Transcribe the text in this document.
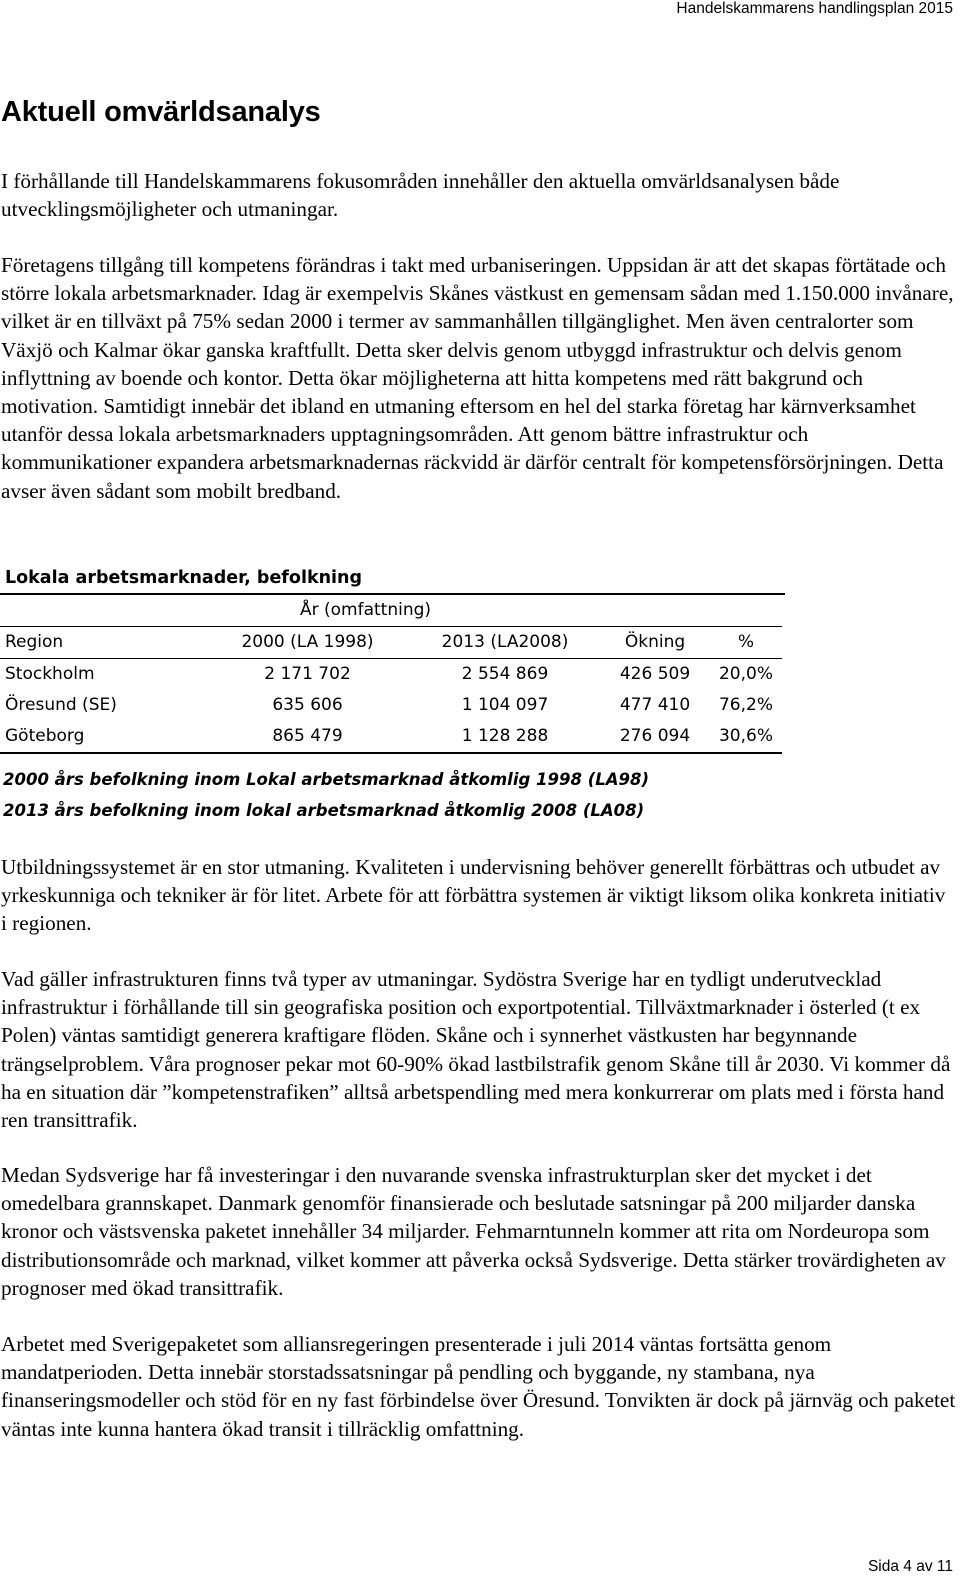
Handelskammarens handlingsplan 2015
Aktuell omvärldsanalys

I förhållande till Handelskammarens fokusområden innehåller den aktuella omvärldsanalysen både utvecklingsmöjligheter och utmaningar.

Företagens tillgång till kompetens förändras i takt med urbaniseringen. Uppsidan är att det skapas förtätade och större lokala arbetsmarknader. Idag är exempelvis Skånes västkust en gemensam sådan med 1.150.000 invånare, vilket är en tillväxt på 75% sedan 2000 i termer av sammanhållen tillgänglighet. Men även centralorter som Växjö och Kalmar ökar ganska kraftfullt. Detta sker delvis genom utbyggd infrastruktur och delvis genom inflyttning av boende och kontor. Detta ökar möjligheterna att hitta kompetens med rätt bakgrund och motivation. Samtidigt innebär det ibland en utmaning eftersom en hel del starka företag har kärnverksamhet utanför dessa lokala arbetsmarknaders upptagningsområden. Att genom bättre infrastruktur och kommunikationer expandera arbetsmarknadernas räckvidd är därför centralt för kompetensförsörjningen. Detta avser även sådant som mobilt bredband.

Lokala arbetsmarknader, befolkning
År (omfattning)
Region	2000 (LA 1998)	2013 (LA2008)	Ökning	%
Stockholm	2 171 702	2 554 869	426 509	20,0%
Öresund (SE)	635 606	1 104 097	477 410	76,2%
Göteborg	865 479	1 128 288	276 094	30,6%
2000 års befolkning inom Lokal arbetsmarknad åtkomlig 1998 (LA98)
2013 års befolkning inom lokal arbetsmarknad åtkomlig 2008 (LA08)

Utbildningssystemet är en stor utmaning. Kvaliteten i undervisning behöver generellt förbättras och utbudet av yrkeskunniga och tekniker är för litet. Arbete för att förbättra systemen är viktigt liksom olika konkreta initiativ i regionen.

Vad gäller infrastrukturen finns två typer av utmaningar. Sydöstra Sverige har en tydligt underutvecklad infrastruktur i förhållande till sin geografiska position och exportpotential. Tillväxtmarknader i österled (t ex Polen) väntas samtidigt generera kraftigare flöden. Skåne och i synnerhet västkusten har begynnande trängselproblem. Våra prognoser pekar mot 60-90% ökad lastbilstrafik genom Skåne till år 2030. Vi kommer då ha en situation där ”kompetenstrafiken” alltså arbetspendling med mera konkurrerar om plats med i första hand ren transittrafik.

Medan Sydsverige har få investeringar i den nuvarande svenska infrastrukturplan sker det mycket i det omedelbara grannskapet. Danmark genomför finansierade och beslutade satsningar på 200 miljarder danska kronor och västsvenska paketet innehåller 34 miljarder. Fehmarntunneln kommer att rita om Nordeuropa som distributionsområde och marknad, vilket kommer att påverka också Sydsverige. Detta stärker trovärdigheten av prognoser med ökad transittrafik.

Arbetet med Sverigepaketet som alliansregeringen presenterade i juli 2014 väntas fortsätta genom mandatperioden. Detta innebär storstadssatsningar på pendling och byggande, ny stambana, nya finanseringsmodeller och stöd för en ny fast förbindelse över Öresund. Tonvikten är dock på järnväg och paketet väntas inte kunna hantera ökad transit i tillräcklig omfattning.

Sida 4 av 11
